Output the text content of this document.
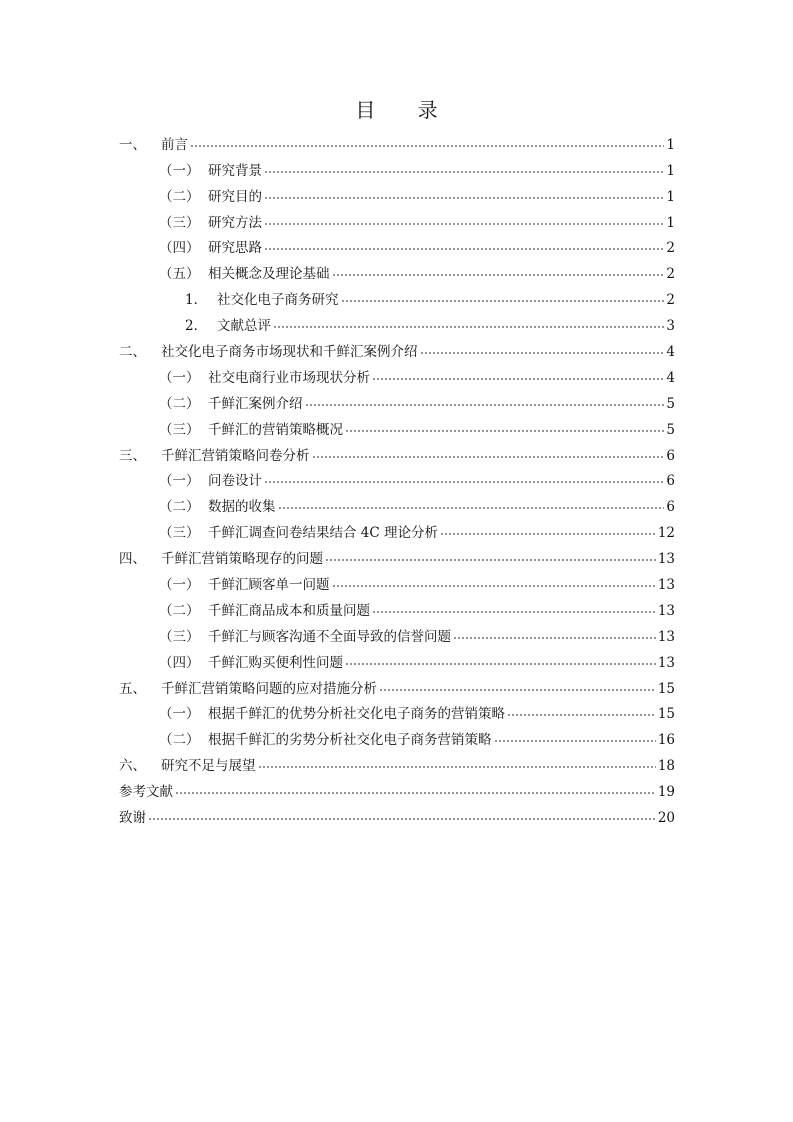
目 录
一、	前言	1
（一） 研究背景	1
（二） 研究目的	1
（三） 研究方法	1
（四） 研究思路	2
（五） 相关概念及理论基础	2
1． 社交化电子商务研究	2
2． 文献总评	3
二、	社交化电子商务市场现状和千鲜汇案例介绍	4
（一） 社交电商行业市场现状分析	4
（二） 千鲜汇案例介绍	5
（三） 千鲜汇的营销策略概况	5
三、	千鲜汇营销策略问卷分析	6
（一） 问卷设计	6
（二） 数据的收集	6
（三） 千鲜汇调查问卷结果结合 4C 理论分析	12
四、	千鲜汇营销策略现存的问题	13
（一） 千鲜汇顾客单一问题	13
（二） 千鲜汇商品成本和质量问题	13
（三） 千鲜汇与顾客沟通不全面导致的信誉问题	13
（四） 千鲜汇购买便利性问题	13
五、	千鲜汇营销策略问题的应对措施分析	15
（一） 根据千鲜汇的优势分析社交化电子商务的营销策略	15
（二） 根据千鲜汇的劣势分析社交化电子商务营销策略	16
六、	研究不足与展望	18
参考文献	19
致谢	20
